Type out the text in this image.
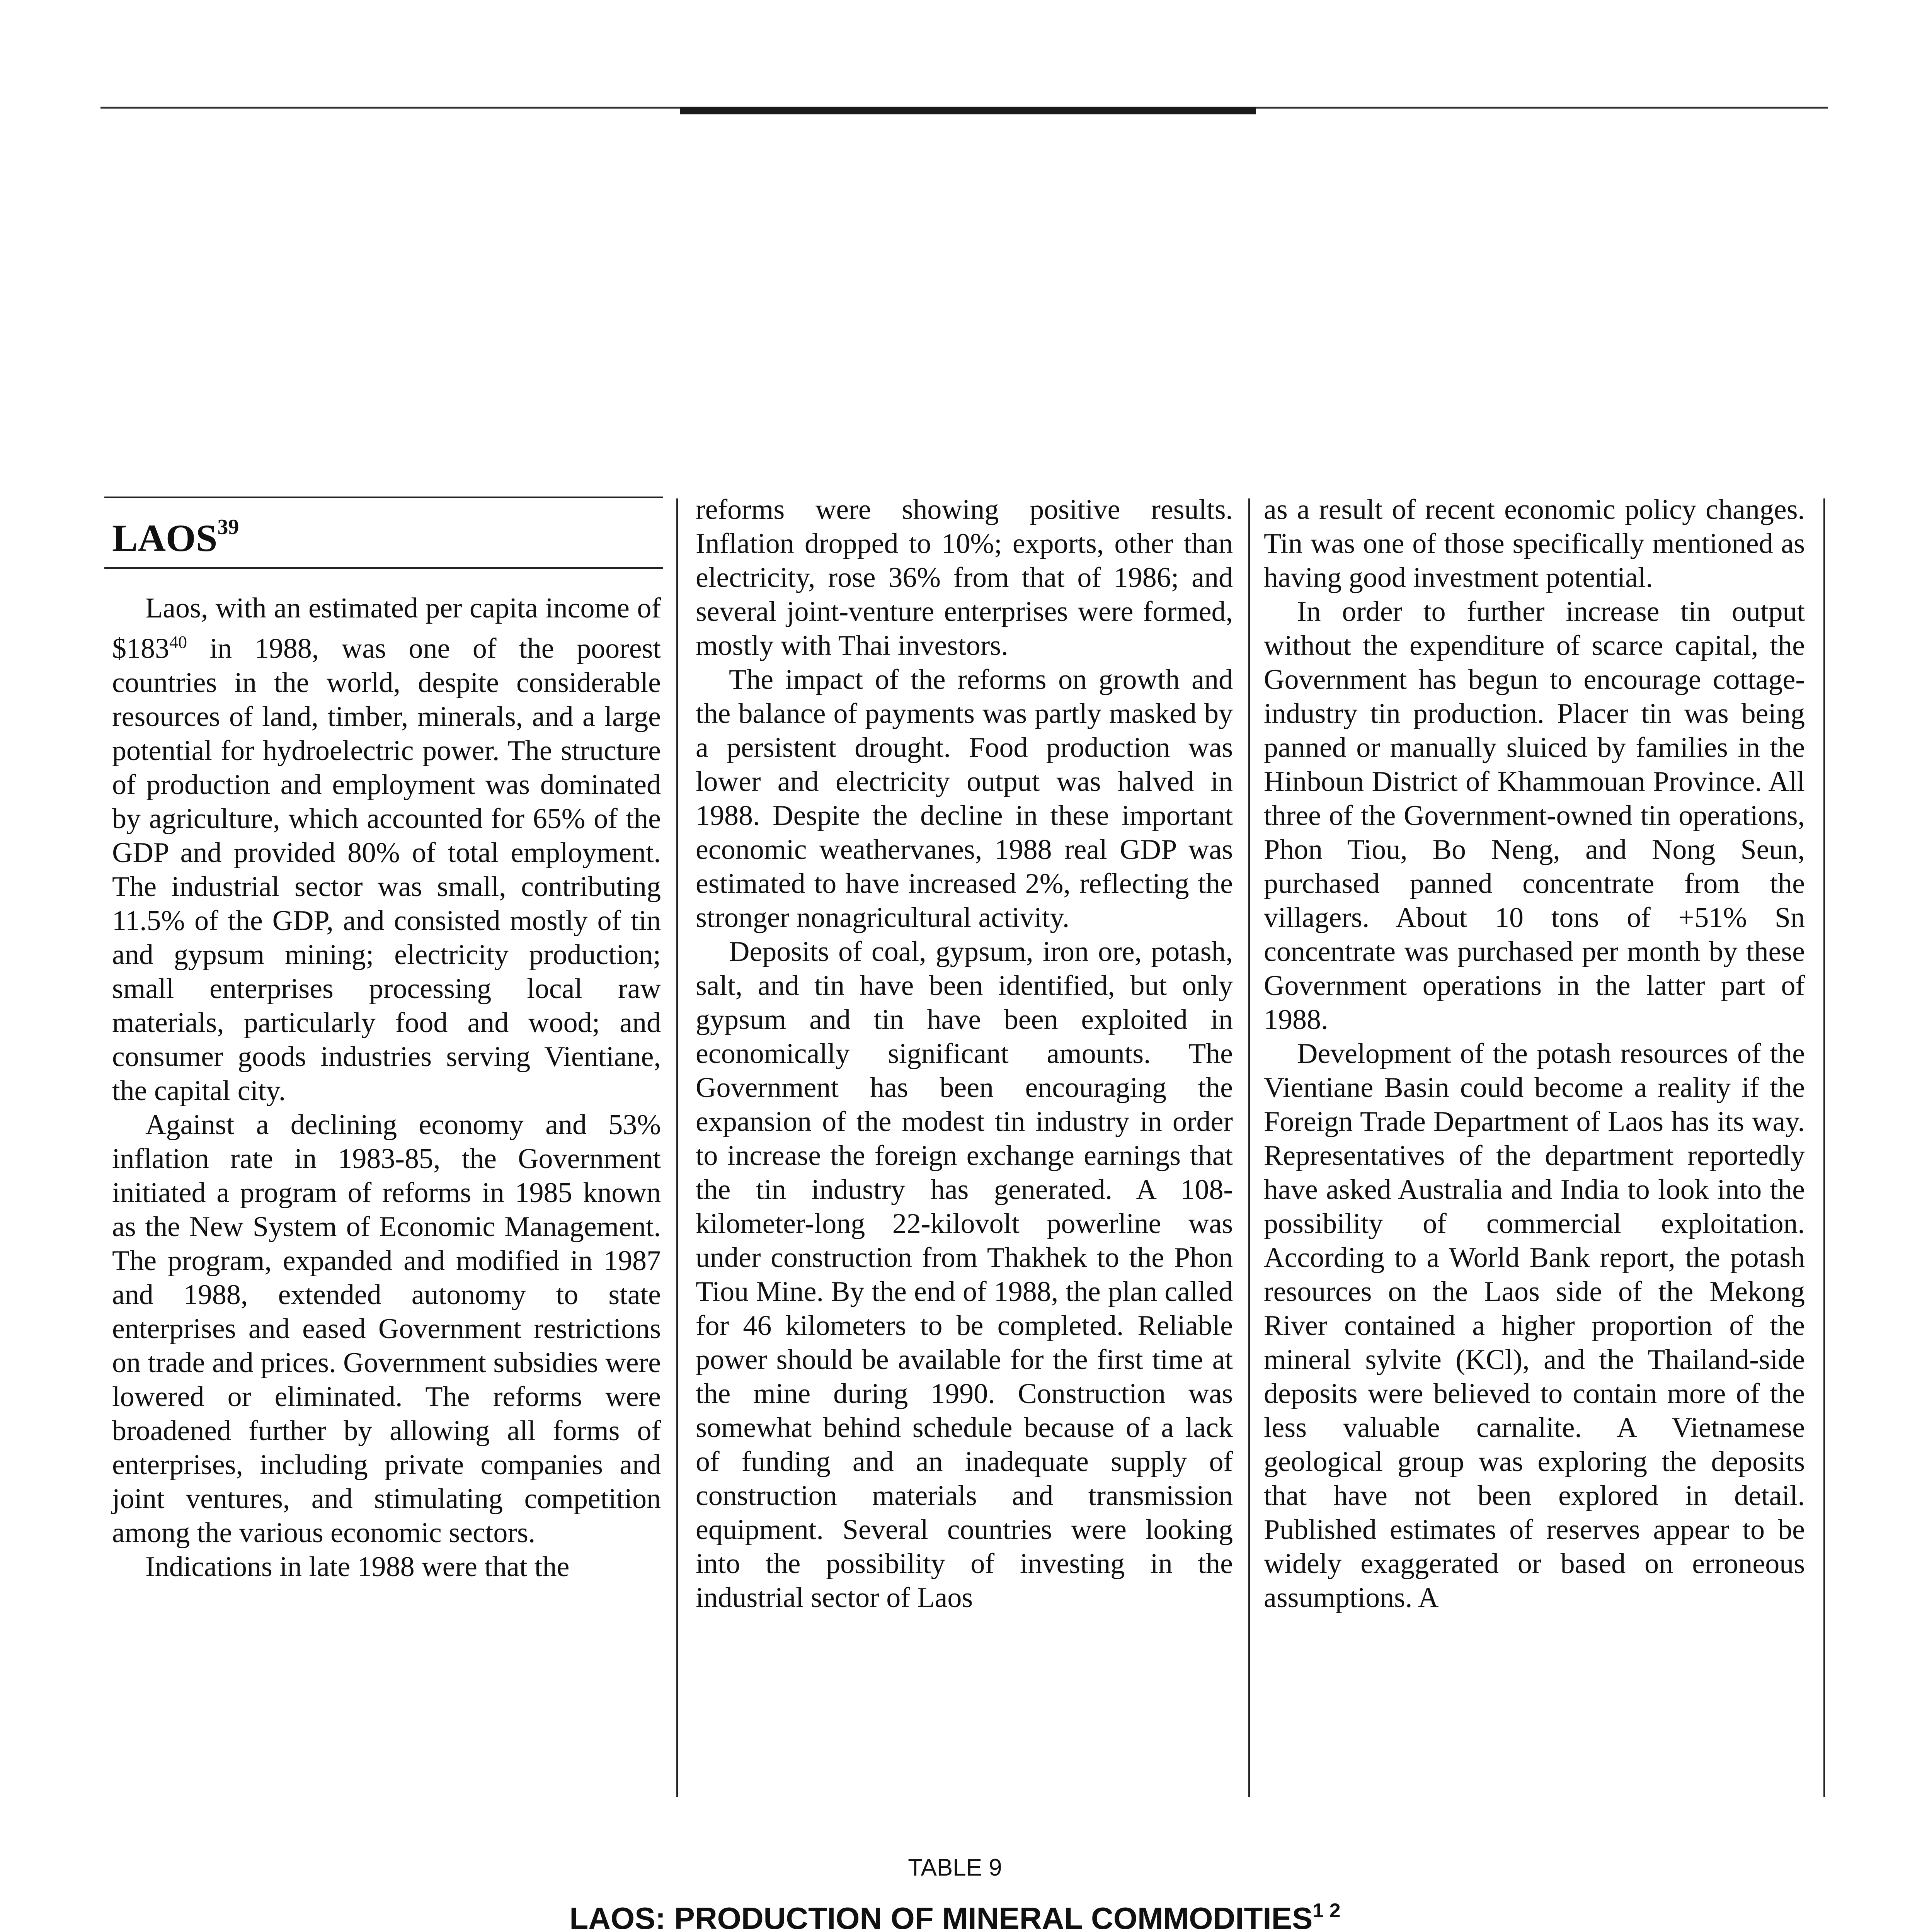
LAOS$^{39}$

Laos, with an estimated per capita income of $\$183^{40}$ in 1988, was one of the poorest countries in the world, despite considerable resources of land, timber, minerals, and a large potential for hydroelectric power. The structure of production and employment was dominated by agriculture, which accounted for 65% of the GDP and provided 80% of total employment. The industrial sector was small, contributing 11.5% of the GDP, and consisted mostly of tin and gypsum mining; electricity production; small enterprises processing local raw materials, particularly food and wood; and consumer goods industries serving Vientiane, the capital city.

Against a declining economy and 53% inflation rate in 1983-85, the Government initiated a program of reforms in 1985 known as the New System of Economic Management. The program, expanded and modified in 1987 and 1988, extended autonomy to state enterprises and eased Government restrictions on trade and prices. Government subsidies were lowered or eliminated. The reforms were broadened further by allowing all forms of enterprises, including private companies and joint ventures, and stimulating competition among the various economic sectors.

Indications in late 1988 were that the

reforms were showing positive results. Inflation dropped to 10%; exports, other than electricity, rose 36% from that of 1986; and several joint-venture enterprises were formed, mostly with Thai investors.

The impact of the reforms on growth and the balance of payments was partly masked by a persistent drought. Food production was lower and electricity output was halved in 1988. Despite the decline in these important economic weathervanes, 1988 real GDP was estimated to have increased 2%, reflecting the stronger nonagricultural activity.

Deposits of coal, gypsum, iron ore, potash, salt, and tin have been identified, but only gypsum and tin have been exploited in economically significant amounts. The Government has been encouraging the expansion of the modest tin industry in order to increase the foreign exchange earnings that the tin industry has generated. A 108-kilometer-long 22-kilovolt powerline was under construction from Thakhek to the Phon Tiou Mine. By the end of 1988, the plan called for 46 kilometers to be completed. Reliable power should be available for the first time at the mine during 1990. Construction was somewhat behind schedule because of a lack of funding and an inadequate supply of construction materials and transmission equipment. Several countries were looking into the possibility of investing in the industrial sector of Laos

as a result of recent economic policy changes. Tin was one of those specifically mentioned as having good investment potential.

In order to further increase tin output without the expenditure of scarce capital, the Government has begun to encourage cottage-industry tin production. Placer tin was being panned or manually sluiced by families in the Hinboun District of Khammouan Province. All three of the Government-owned tin operations, Phon Tiou, Bo Neng, and Nong Seun, purchased panned concentrate from the villagers. About 10 tons of +51% Sn concentrate was purchased per month by these Government operations in the latter part of 1988.

Development of the potash resources of the Vientiane Basin could become a reality if the Foreign Trade Department of Laos has its way. Representatives of the department reportedly have asked Australia and India to look into the possibility of commercial exploitation. According to a World Bank report, the potash resources on the Laos side of the Mekong River contained a higher proportion of the mineral sylvite (KCl), and the Thailand-side deposits were believed to contain more of the less valuable carnalite. A Vietnamese geological group was exploring the deposits that have not been explored in detail. Published estimates of reserves appear to be widely exaggerated or based on erroneous assumptions. A

TABLE 9
LAOS: PRODUCTION OF MINERAL $COMMODITIES^{1 2}$
